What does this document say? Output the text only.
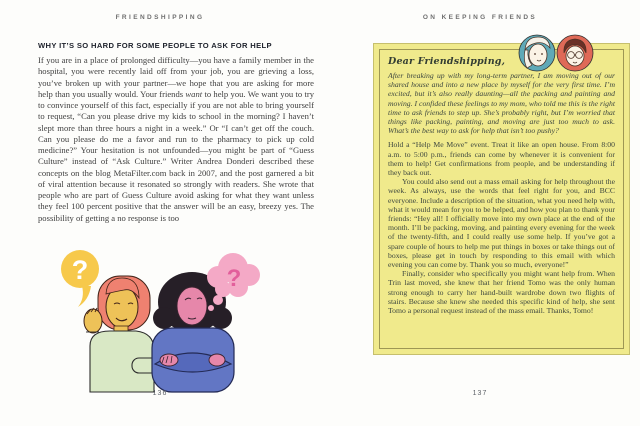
FRIENDSHIPPING
WHY IT’S SO HARD FOR SOME PEOPLE TO ASK FOR HELP

If you are in a place of prolonged difficulty—you have a family member in the hospital, you were recently laid off from your job, you are grieving a loss, you’ve broken up with your partner—we hope that you are asking for more help than you usually would. Your friends want to help you. We want you to try to convince yourself of this fact, especially if you are not able to bring yourself to request, “Can you please drive my kids to school in the morning? I haven’t slept more than three hours a night in a week.” Or “I can’t get off the couch. Can you please do me a favor and run to the pharmacy to pick up cold medicine?” Your hesitation is not unfounded—you might be part of “Guess Culture” instead of “Ask Culture.” Writer Andrea Donderi described these concepts on the blog MetaFilter.com back in 2007, and the post garnered a bit of viral attention because it resonated so strongly with readers. She wrote that people who are part of Guess Culture avoid asking for what they want unless they feel 100 percent positive that the answer will be an easy, breezy yes. The possibility of getting a no response is too

?	?
136
ON KEEPING FRIENDS
Dear Friendshipping,

After breaking up with my long-term partner, I am moving out of our shared house and into a new place by myself for the very first time. I’m excited, but it’s also really daunting—all the packing and painting and moving. I confided these feelings to my mom, who told me this is the right time to ask friends to step up. She’s probably right, but I’m worried that things like packing, painting, and moving are just too much to ask. What’s the best way to ask for help that isn’t too pushy?

Hold a “Help Me Move” event. Treat it like an open house. From 8:00 a.m. to 5:00 p.m., friends can come by whenever it is convenient for them to help! Get confirmations from people, and be understanding if they back out.

You could also send out a mass email asking for help throughout the week. As always, use the words that feel right for you, and BCC everyone. Include a description of the situation, what you need help with, what it would mean for you to be helped, and how you plan to thank your friends: “Hey all! I officially move into my own place at the end of the month. I’ll be packing, moving, and painting every evening for the week of the twenty-fifth, and I could really use some help. If you’ve got a spare couple of hours to help me put things in boxes or take things out of boxes, please get in touch by responding to this email with which evening you can come by. Thank you so much, everyone!”

Finally, consider who specifically you might want help from. When Trin last moved, she knew that her friend Tomo was the only human strong enough to carry her hand-built wardrobe down two flights of stairs. Because she knew she needed this specific kind of help, she sent Tomo a personal request instead of the mass email. Thanks, Tomo!

137
